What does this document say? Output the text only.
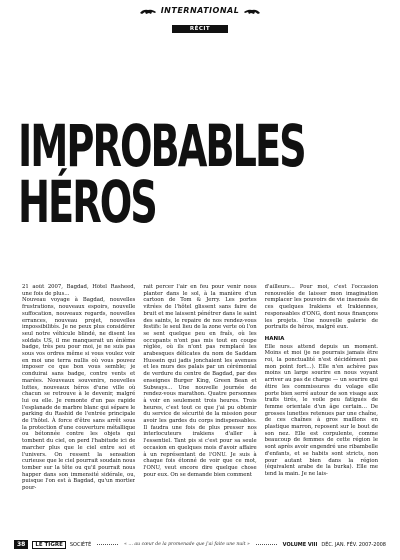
INTERNATIONAL
RÉCIT
IMPROBABLES
HÉROS

21 août 2007, Bagdad, Hôtel Rasheed, une fois de plus…

Nouveau voyage à Bagdad, nouvelles frustrations, nouveaux espoirs, nouvelle suffocation, nouveaux regards, nouvelles errances, nouveau projet, nouvelles impossibilités. Je ne peux plus considérer seul notre véhicule blindé, ne disent les soldats US, il me manquerait un énième badge, très peu pour moi, je ne suis pas sous vos ordres même si vous voulez voir en moi une terra nullis où vous pouvez imposer ce que bon vous semble; je conduirai sans badge, contre vents et marées. Nouveaux souvenirs, nouvelles luttes, nouveaux héros d'une ville où chacun se retrouve à le devenir, malgré lui ou elle. Je remonte d'un pas rapide l'esplanade de marbre blanc qui sépare le parking du Rashid de l'entrée principale de l'hôtel. À force d'être sans arrêt sous la protection d'une couverture métallique ou bétonnée contre les objets qui tombent du ciel, on perd l'habitude ici de marcher plus que le ciel entre soi et l'univers. On ressent la sensation curieuse que le ciel pourrait soudain nous tomber sur la tête ou qu'il pourrait nous happer dans son immensité sidérale, ou, puisque l'on est à Bagdad, qu'un mortier pour-

rait percer l'air en feu pour venir nous planter dans le sol, à la manière d'un cartoon de Tom & Jerry. Les portes vitrées de l'hôtel glissent sans faire de bruit et me laissent pénétrer dans le saint des saints, le repaire de nos rendez-vous festifs: le seul lieu de la zone verte où l'on se sent quelque peu en fraîs, où les occupants n'ont pas mis tout en coupe réglée, où ils n'ont pas remplacé les arabesques délicates du nom de Saddam Hussein qui jadis jonchaient les avenues et les murs des palais par un cérémonial de verdure du centre de Bagdad, par des enseignes Burger King, Green Bean et Subways… Une nouvelle journée de rendez-vous marathon. Quatre personnes à voir en seulement trois heures. Trois heures, c'est tout ce que j'ai pu obtenir du service de sécurité de la mission pour avoir les gardes du corps indispensables. Il faudra une fois de plus presser nos interlocuteurs irakiens d'aller à l'essentiel. Tant pis si c'est pour sa seule occasion en quelques mois d'avoir affaire à un représentant de l'ONU. Je suis à chaque fois étonné de voir que ce mot, l'ONU, veut encore dire quelque chose pour eux. On se demande bien comment

d'ailleurs… Pour moi, c'est l'occasion renouvelée de laisser mon imagination remplacer les pouvoirs de vie insensés de ces quelques Irakiens et Irakiennes, responsables d'ONG, dont nous finançons les projets. Une nouvelle galerie de portraits de héros, malgré eux.

HANIA

Elle nous attend depuis un moment. Moins et moi (je ne pourrais jamais être roi, la ponctualité n'est décidément pas mon point fort…). Elle n'en achève pas moins un large sourire en nous voyant arriver au pas de charge — un sourire qui étire les commissures du volage elle porte bien serré autour de son visage aux traits tirés, le voile peu fatigués de femme orientale d'un âge certain… De grosses lunettes retenues par une chaîne, de ces chaînes à gros maillons en plastique marron, reposent sur le bout de son nez. Elle est corpulente, comme beaucoup de femmes de cette région le sont après avoir engendré une ribambelle d'enfants, et se habits sont stricts, non pour autant bien dans la région (équivalent arabe de la burka). Elle me tend la main. Je ne lais-

38	LE TIGRE	SOCIÉTÉ	« … au cœur de la promenade que j'ai faite une nuit »	VOLUME VIII DÉC. JAN. FÉV. 2007-2008
